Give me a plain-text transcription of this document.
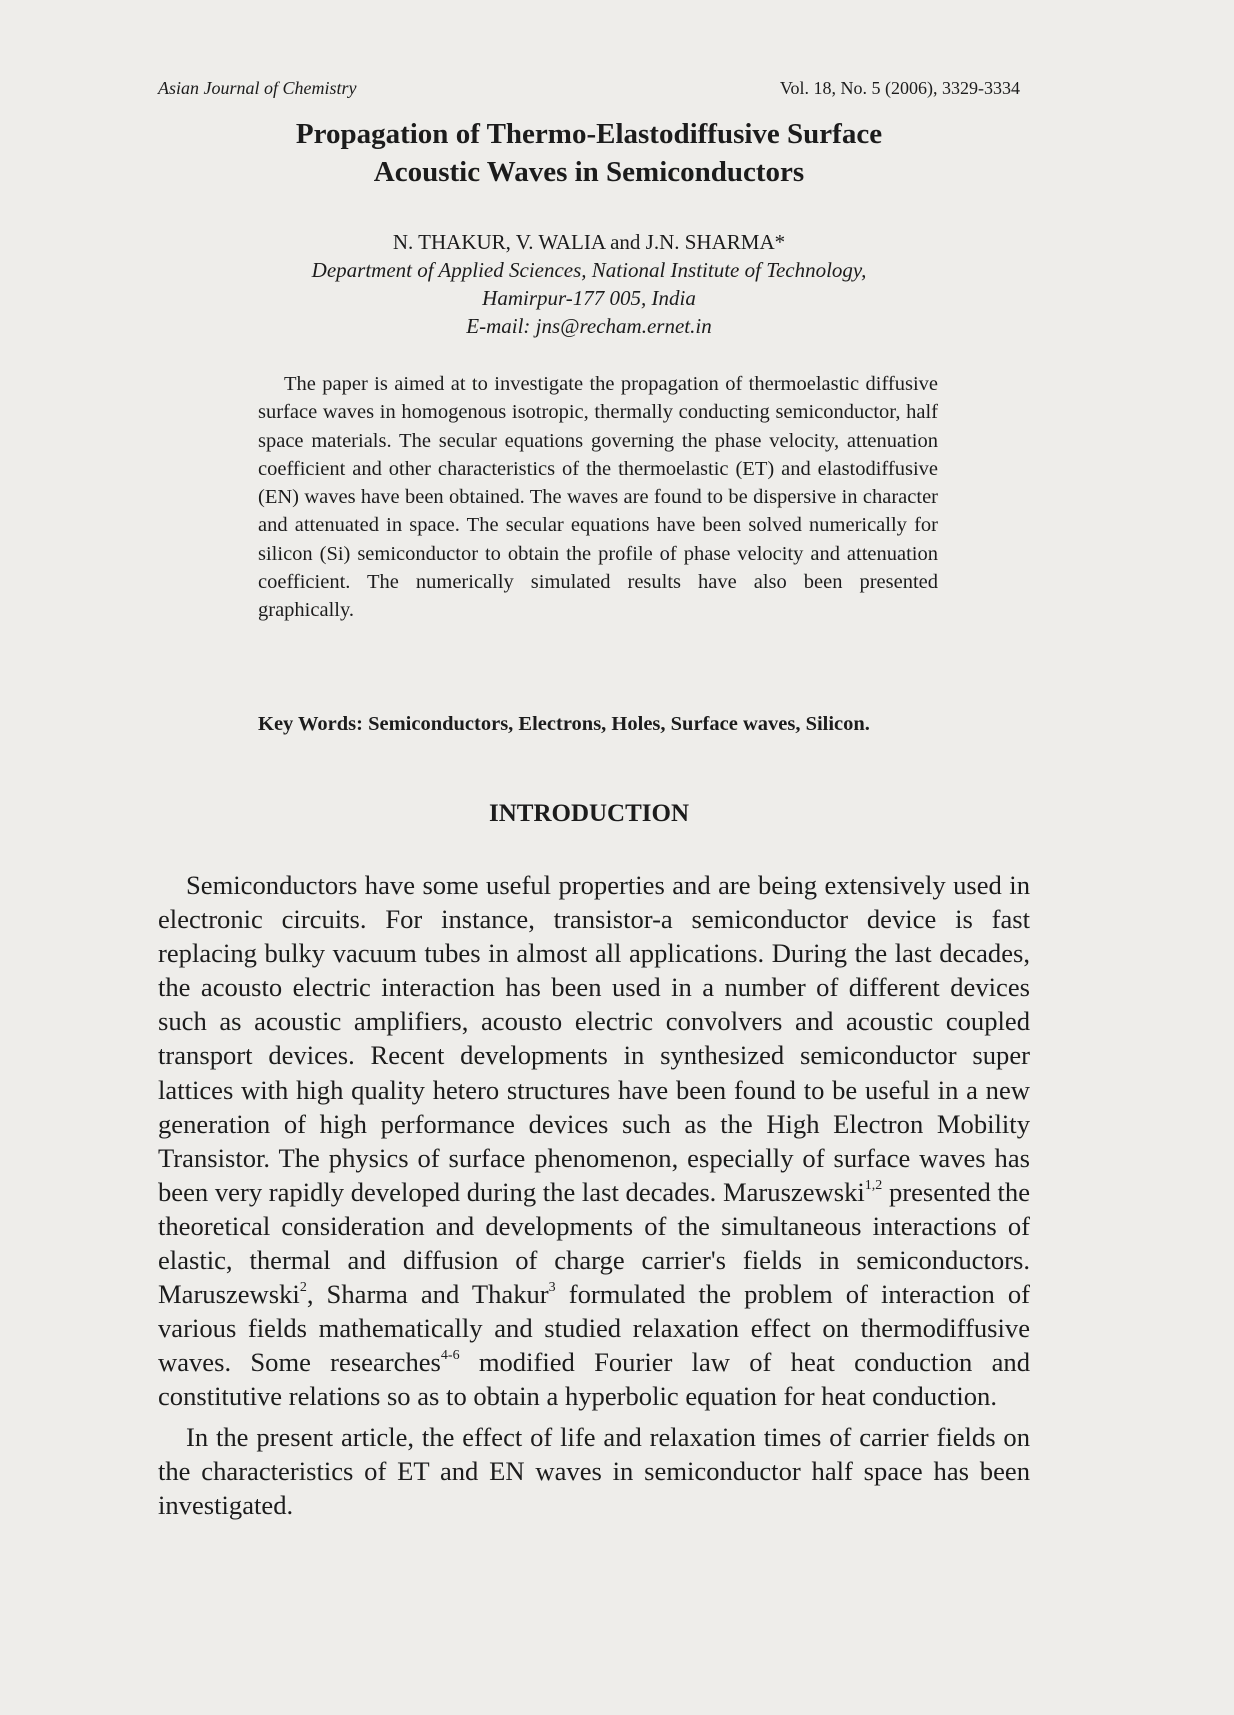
Asian Journal of Chemistry	Vol. 18, No. 5 (2006), 3329-3334
Propagation of Thermo-Elastodiffusive Surface
Acoustic Waves in Semiconductors
N. THAKUR, V. WALIA and J.N. SHARMA*
Department of Applied Sciences, National Institute of Technology,
Hamirpur-177 005, India
E-mail: jns@recham.ernet.in
The paper is aimed at to investigate the propagation of thermoelastic diffusive surface waves in homogenous isotropic, thermally conducting semiconductor, half space materials. The secular equations governing the phase velocity, attenuation coefficient and other characteristics of the thermoelastic (ET) and elastodiffusive (EN) waves have been obtained. The waves are found to be dispersive in character and attenuated in space. The secular equations have been solved numerically for silicon (Si) semiconductor to obtain the profile of phase velocity and attenuation coefficient. The numerically simulated results have also been presented graphically.
Key Words: Semiconductors, Electrons, Holes, Surface waves, Silicon.
INTRODUCTION

Semiconductors have some useful properties and are being extensively used in electronic circuits. For instance, transistor-a semiconductor device is fast replacing bulky vacuum tubes in almost all applications. During the last decades, the acousto electric interaction has been used in a number of different devices such as acoustic amplifiers, acousto electric convolvers and acoustic coupled transport devices. Recent developments in synthesized semiconductor super lattices with high quality hetero structures have been found to be useful in a new generation of high performance devices such as the High Electron Mobility Transistor. The physics of surface phenomenon, especially of surface waves has been very rapidly developed during the last decades. Maruszewski$^{1,2}$ presented the theoretical consideration and developments of the simultaneous interactions of elastic, thermal and diffusion of charge carrier's fields in semiconductors. Maruszewski$^2$, Sharma and Thakur$^3$ formulated the problem of interaction of various fields mathematically and studied relaxation effect on thermodiffusive waves. Some researches$^{4-6}$ modified Fourier law of heat conduction and constitutive relations so as to obtain a hyperbolic equation for heat conduction.

In the present article, the effect of life and relaxation times of carrier fields on the characteristics of ET and EN waves in semiconductor half space has been investigated.
